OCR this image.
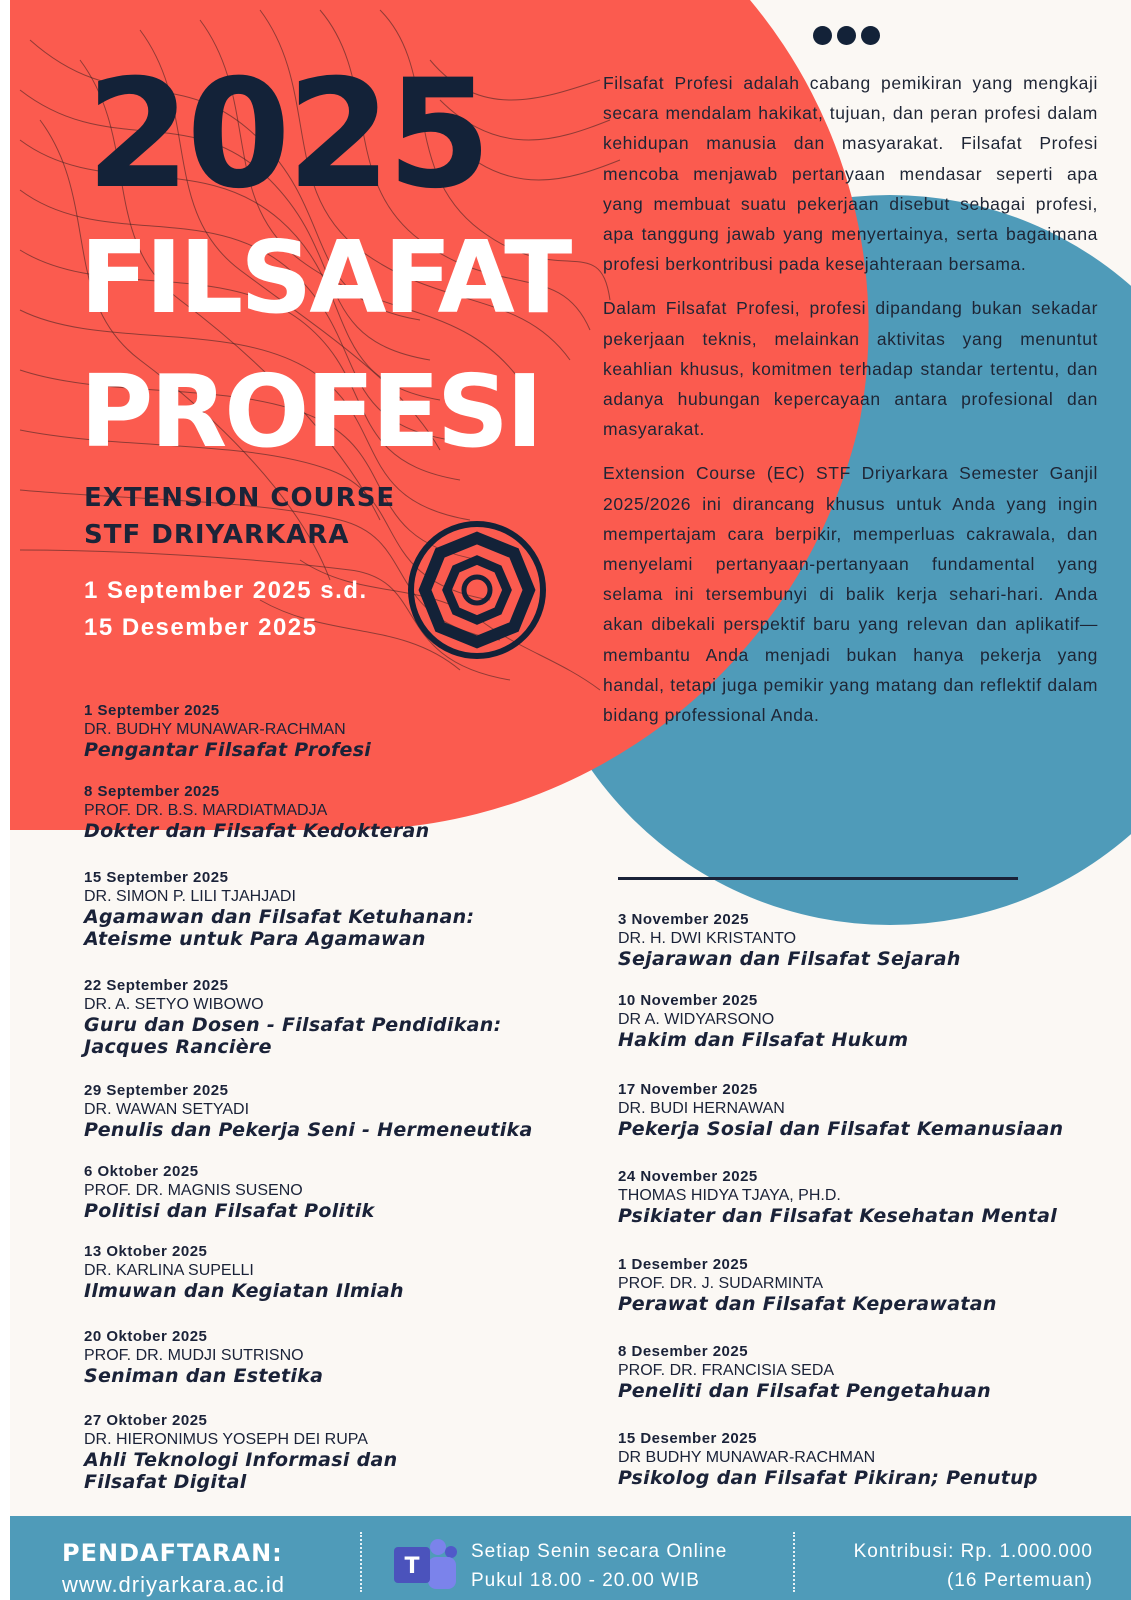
2025
FILSAFAT
PROFESI
EXTENSION COURSE
STF DRIYARKARA
1 September 2025 s.d.
15 Desember 2025

Filsafat Profesi adalah cabang pemikiran yang mengkaji secara mendalam hakikat, tujuan, dan peran profesi dalam kehidupan manusia dan masyarakat. Filsafat Profesi mencoba menjawab pertanyaan mendasar seperti apa yang membuat suatu pekerjaan disebut sebagai profesi, apa tanggung jawab yang menyertainya, serta bagaimana profesi berkontribusi pada kesejahteraan bersama.

Dalam Filsafat Profesi, profesi dipandang bukan sekadar pekerjaan teknis, melainkan aktivitas yang menuntut keahlian khusus, komitmen terhadap standar tertentu, dan adanya hubungan kepercayaan antara profesional dan masyarakat.

Extension Course (EC) STF Driyarkara Semester Ganjil 2025/2026 ini dirancang khusus untuk Anda yang ingin mempertajam cara berpikir, memperluas cakrawala, dan menyelami pertanyaan-pertanyaan fundamental yang selama ini tersembunyi di balik kerja sehari-hari. Anda akan dibekali perspektif baru yang relevan dan aplikatif—membantu Anda menjadi bukan hanya pekerja yang handal, tetapi juga pemikir yang matang dan reflektif dalam bidang professional Anda.

1 September 2025
DR. BUDHY MUNAWAR-RACHMAN
Pengantar Filsafat Profesi
8 September 2025
PROF. DR. B.S. MARDIATMADJA
Dokter dan Filsafat Kedokteran
15 September 2025
DR. SIMON P. LILI TJAHJADI
Agamawan dan Filsafat Ketuhanan:
Ateisme untuk Para Agamawan
22 September 2025
DR. A. SETYO WIBOWO
Guru dan Dosen - Filsafat Pendidikan:
Jacques Rancière
29 September 2025
DR. WAWAN SETYADI
Penulis dan Pekerja Seni - Hermeneutika
6 Oktober 2025
PROF. DR. MAGNIS SUSENO
Politisi dan Filsafat Politik
13 Oktober 2025
DR. KARLINA SUPELLI
Ilmuwan dan Kegiatan Ilmiah
20 Oktober 2025
PROF. DR. MUDJI SUTRISNO
Seniman dan Estetika
27 Oktober 2025
DR. HIERONIMUS YOSEPH DEI RUPA
Ahli Teknologi Informasi dan
Filsafat Digital
3 November 2025
DR. H. DWI KRISTANTO
Sejarawan dan Filsafat Sejarah
10 November 2025
DR A. WIDYARSONO
Hakim dan Filsafat Hukum
17 November 2025
DR. BUDI HERNAWAN
Pekerja Sosial dan Filsafat Kemanusiaan
24 November 2025
THOMAS HIDYA TJAYA, PH.D.
Psikiater dan Filsafat Kesehatan Mental
1 Desember 2025
PROF. DR. J. SUDARMINTA
Perawat dan Filsafat Keperawatan
8 Desember 2025
PROF. DR. FRANCISIA SEDA
Peneliti dan Filsafat Pengetahuan
15 Desember 2025
DR BUDHY MUNAWAR-RACHMAN
Psikolog dan Filsafat Pikiran; Penutup
PENDAFTARAN:
www.driyarkara.ac.id
T
Setiap Senin secara Online
Pukul 18.00 - 20.00 WIB
Kontribusi: Rp. 1.000.000
(16 Pertemuan)
